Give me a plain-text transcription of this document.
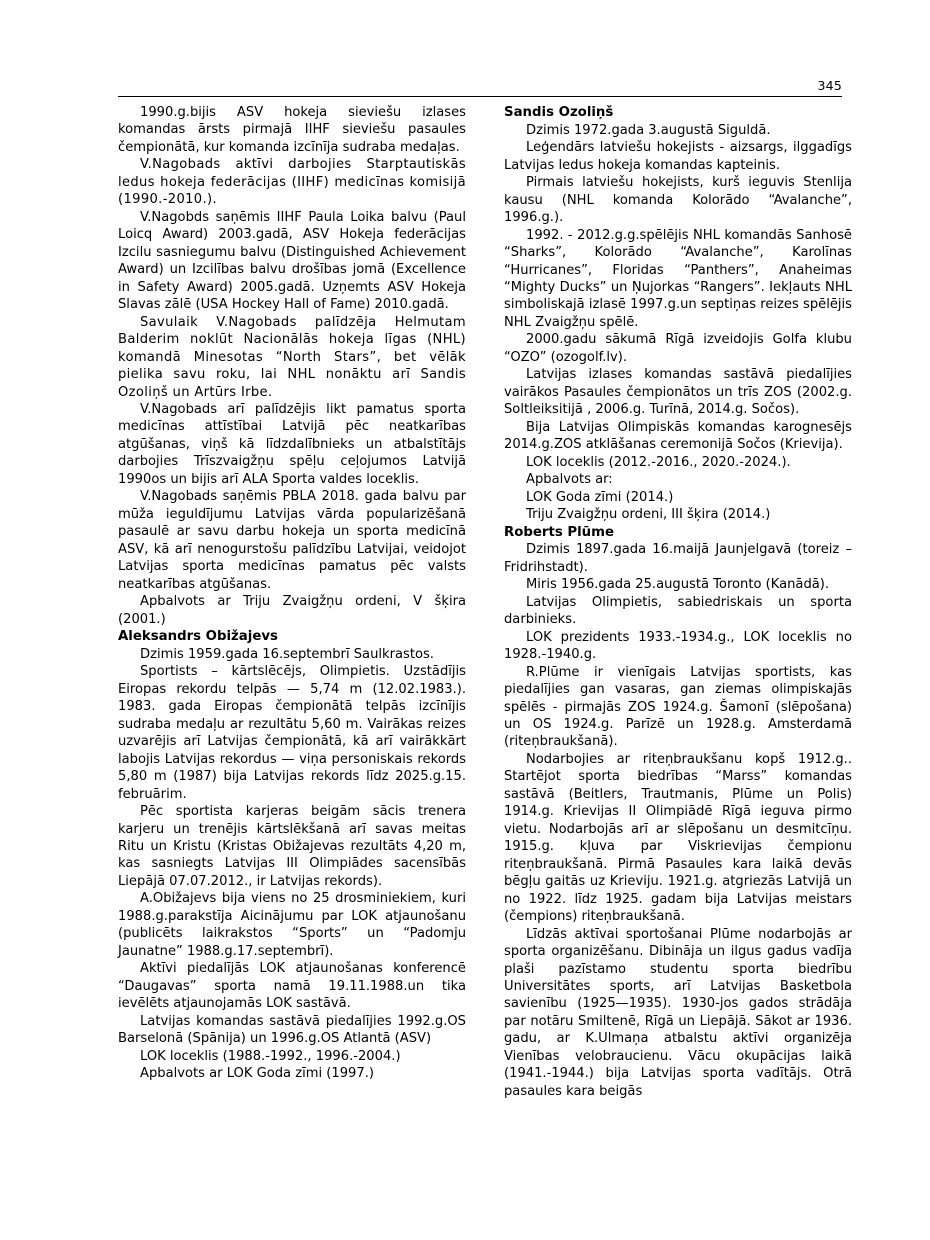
345

1990.g.bijis ASV hokeja sieviešu izlases komandas ārsts pirmajā IIHF sieviešu pasaules čempionātā, kur komanda izcīnīja sudraba medaļas.

V.Nagobads aktīvi darbojies Starptautiskās ledus hokeja federācijas (IIHF) medicīnas komisijā (1990.-2010.).

V.Nagobds saņēmis IIHF Paula Loika balvu (Paul Loicq Award) 2003.gadā, ASV Hokeja federācijas Izcilu sasniegumu balvu (Distinguished Achievement Award) un Izcilības balvu drošības jomā (Excellence in Safety Award) 2005.gadā. Uzņemts ASV Hokeja Slavas zālē (USA Hockey Hall of Fame) 2010.gadā.

Savulaik V.Nagobads palīdzēja Helmutam Balderim noklūt Nacionālās hokeja līgas (NHL) komandā Minesotas “North Stars”, bet vēlāk pielika savu roku, lai NHL nonāktu arī Sandis Ozoliņš un Artūrs Irbe.

V.Nagobads arī palīdzējis likt pamatus sporta medicīnas attīstībai Latvijā pēc neatkarības atgūšanas, viņš kā līdzdalībnieks un atbalstītājs darbojies Trīszvaigžņu spēļu ceļojumos Latvijā 1990os un bijis arī ALA Sporta valdes loceklis.

V.Nagobads saņēmis PBLA 2018. gada balvu par mūža ieguldījumu Latvijas vārda popularizēšanā pasaulē ar savu darbu hokeja un sporta medicīnā ASV, kā arī nenogurstošu palīdzību Latvijai, veidojot Latvijas sporta medicīnas pamatus pēc valsts neatkarības atgūšanas.

Apbalvots ar Triju Zvaigžņu ordeni, V šķira (2001.)

Aleksandrs Obižajevs

Dzimis 1959.gada 16.septembrī Saulkrastos.

Sportists – kārtslēcējs, Olimpietis. Uzstādījis Eiropas rekordu telpās — 5,74 m (12.02.1983.). 1983. gada Eiropas čempionātā telpās izcīnījis sudraba medaļu ar rezultātu 5,60 m. Vairākas reizes uzvarējis arī Latvijas čempionātā, kā arī vairākkārt labojis Latvijas rekordus — viņa personiskais rekords 5,80 m (1987) bija Latvijas rekords līdz 2025.g.15. februārim.

Pēc sportista karjeras beigām sācis trenera karjeru un trenējis kārtslēkšanā arī savas meitas Ritu un Kristu (Kristas Obižajevas rezultāts 4,20 m, kas sasniegts Latvijas III Olimpiādes sacensībās Liepājā 07.07.2012., ir Latvijas rekords).

A.Obižajevs bija viens no 25 drosminiekiem, kuri 1988.g.parakstīja Aicinājumu par LOK atjaunošanu (publicēts laikrakstos “Sports” un “Padomju Jaunatne” 1988.g.17.septembrī).

Aktīvi piedalījās LOK atjaunošanas konferencē “Daugavas” sporta namā 19.11.1988.un tika ievēlēts atjaunojamās LOK sastāvā.

Latvijas komandas sastāvā piedalījies 1992.g.OS Barselonā (Spānija) un 1996.g.OS Atlantā (ASV)

LOK loceklis (1988.-1992., 1996.-2004.)

Apbalvots ar LOK Goda zīmi (1997.)

Sandis Ozoliņš

Dzimis 1972.gada 3.augustā Siguldā.

Leģendārs latviešu hokejists - aizsargs, ilggadīgs Latvijas ledus hokeja komandas kapteinis.

Pirmais latviešu hokejists, kurš ieguvis Stenlija kausu (NHL komanda Kolorādo “Avalanche”, 1996.g.).

1992. - 2012.g.g.spēlējis NHL komandās Sanhosē “Sharks”, Kolorādo “Avalanche”, Karolīnas “Hurricanes”, Floridas “Panthers”, Anaheimas “Mighty Ducks” un Ņujorkas “Rangers”. Iekļauts NHL simboliskajā izlasē 1997.g.un septiņas reizes spēlējis NHL Zvaigžņu spēlē.

2000.gadu sākumā Rīgā izveidojis Golfa klubu “OZO” (ozogolf.lv).

Latvijas izlases komandas sastāvā piedalījies vairākos Pasaules čempionātos un trīs ZOS (2002.g. Soltleiksitijā , 2006.g. Turīnā, 2014.g. Sočos).

Bija Latvijas Olimpiskās komandas karognesējs 2014.g.ZOS atklāšanas ceremonijā Sočos (Krievija).

LOK loceklis (2012.-2016., 2020.-2024.).

Apbalvots ar:

LOK Goda zīmi (2014.)

Triju Zvaigžņu ordeni, III šķira (2014.)

Roberts Plūme

Dzimis 1897.gada 16.maijā Jaunjelgavā (toreiz – Fridrihstadt).

Miris 1956.gada 25.augustā Toronto (Kanādā).

Latvijas Olimpietis, sabiedriskais un sporta darbinieks.

LOK prezidents 1933.-1934.g., LOK loceklis no 1928.-1940.g.

R.Plūme ir vienīgais Latvijas sportists, kas piedalījies gan vasaras, gan ziemas olimpiskajās spēlēs - pirmajās ZOS 1924.g. Šamonī (slēpošana) un OS 1924.g. Parīzē un 1928.g. Amsterdamā (riteņbraukšanā).

Nodarbojies ar riteņbraukšanu kopš 1912.g.. Startējot sporta biedrības “Marss” komandas sastāvā (Beitlers, Trautmanis, Plūme un Polis) 1914.g. Krievijas II Olimpiādē Rīgā ieguva pirmo vietu. Nodarbojās arī ar slēpošanu un desmitcīņu. 1915.g. kļuva par Viskrievijas čempionu riteņbraukšanā. Pirmā Pasaules kara laikā devās bēgļu gaitās uz Krieviju. 1921.g. atgriezās Latvijā un no 1922. līdz 1925. gadam bija Latvijas meistars (čempions) riteņbraukšanā.

Līdzās aktīvai sportošanai Plūme nodarbojās ar sporta organizēšanu. Dibināja un ilgus gadus vadīja plaši pazīstamo studentu sporta biedrību Universitātes sports, arī Latvijas Basketbola savienību (1925—1935). 1930-jos gados strādāja par notāru Smiltenē, Rīgā un Liepājā. Sākot ar 1936. gadu, ar K.Ulmaņa atbalstu aktīvi organizēja Vienības velobraucienu. Vācu okupācijas laikā (1941.-1944.) bija Latvijas sporta vadītājs. Otrā pasaules kara beigās
